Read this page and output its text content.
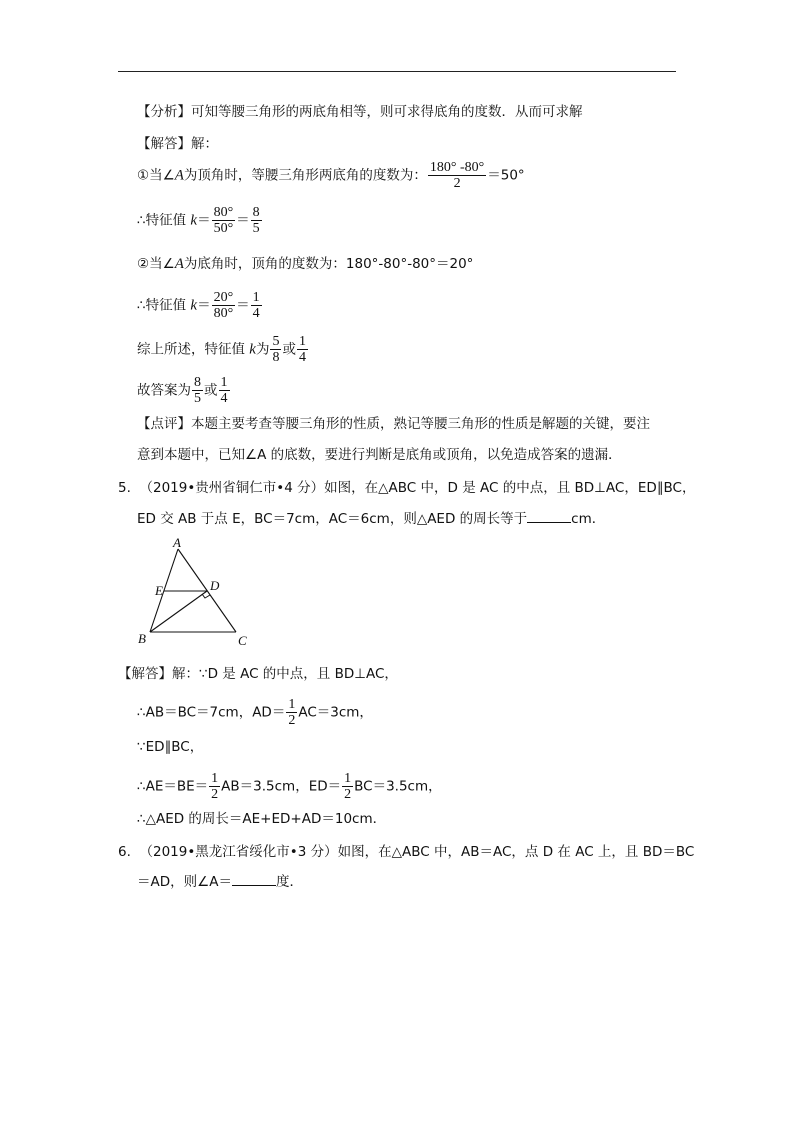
【分析】可知等腰三角形的两底角相等，则可求得底角的度数．从而可求解
【解答】解：
①当∠A为顶角时，等腰三角形两底角的度数为： $\frac{180^\circ -80^\circ}{2} =50^\circ$
∴特征值 $k= \frac{80^\circ}{50^\circ} = \frac{8}{5}$
②当∠A为底角时，顶角的度数为：180°-80°-80°＝20°
∴特征值 $k= \frac{20^\circ}{80^\circ} = \frac{1}{4}$
综上所述，特征值 k为 $\frac{5}{8}$ 或 $\frac{1}{4}$
故答案为 $\frac{8}{5}$ 或 $\frac{1}{4}$
【点评】本题主要考查等腰三角形的性质，熟记等腰三角形的性质是解题的关键，要注
意到本题中，已知∠A 的底数，要进行判断是底角或顶角，以免造成答案的遗漏．
5. （2019•贵州省铜仁市•4 分）如图，在△ABC 中，D 是 AC 的中点，且 BD⊥AC，ED∥BC，
ED 交 AB 于点 E，BC＝7cm，AC＝6cm，则△AED 的周长等于	cm．
A
E	D
B	C
【解答】解：∵D 是 AC 的中点，且 BD⊥AC，
∴AB＝BC＝7cm，$AD= \frac{1}{2} AC=3cm$，
∵ED∥BC，
∴AE＝BE＝ $\frac{1}{2} AB=3.5cm$，$ED= \frac{1}{2} BC=3.5cm$，
∴△AED 的周长＝AE+ED+AD＝10cm．
6. （2019•黑龙江省绥化市•3 分）如图，在△ABC 中，AB＝AC，点 D 在 AC 上，且 BD＝BC
＝AD，则∠A＝	度．
